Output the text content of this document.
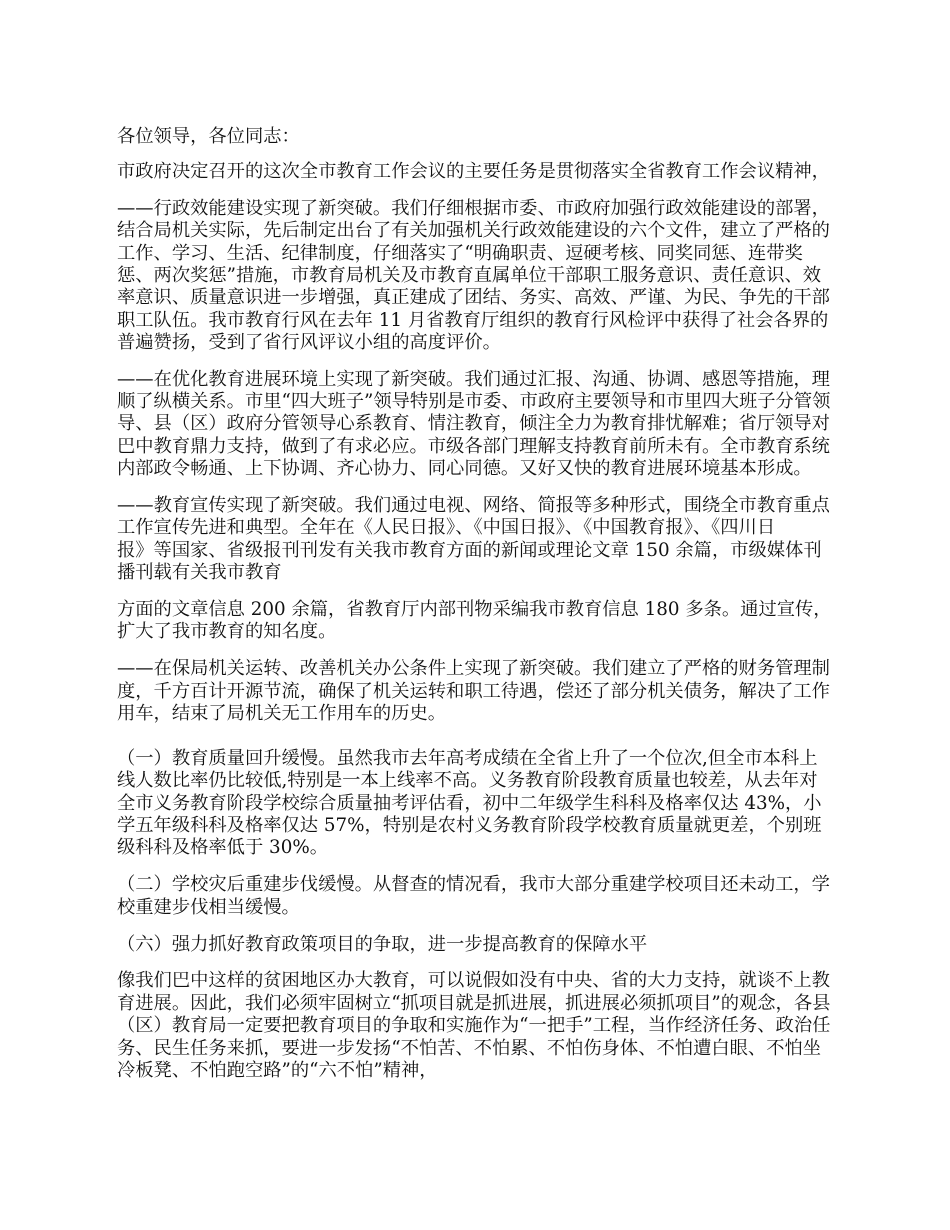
各位领导，各位同志：

市政府决定召开的这次全市教育工作会议的主要任务是贯彻落实全省教育工作会议精神，

——行政效能建设实现了新突破。我们仔细根据市委、市政府加强行政效能建设的部署，
结合局机关实际，先后制定出台了有关加强机关行政效能建设的六个文件，建立了严格的
工作、学习、生活、纪律制度，仔细落实了“明确职责、逗硬考核、同奖同惩、连带奖
惩、两次奖惩”措施，市教育局机关及市教育直属单位干部职工服务意识、责任意识、效
率意识、质量意识进一步增强，真正建成了团结、务实、高效、严谨、为民、争先的干部
职工队伍。我市教育行风在去年 11 月省教育厅组织的教育行风检评中获得了社会各界的
普遍赞扬，受到了省行风评议小组的高度评价。

——在优化教育进展环境上实现了新突破。我们通过汇报、沟通、协调、感恩等措施，理
顺了纵横关系。市里“四大班子”领导特别是市委、市政府主要领导和市里四大班子分管领
导、县（区）政府分管领导心系教育、情注教育，倾注全力为教育排忧解难；省厅领导对
巴中教育鼎力支持，做到了有求必应。市级各部门理解支持教育前所未有。全市教育系统
内部政令畅通、上下协调、齐心协力、同心同德。又好又快的教育进展环境基本形成。

——教育宣传实现了新突破。我们通过电视、网络、简报等多种形式，围绕全市教育重点
工作宣传先进和典型。全年在《人民日报》、《中国日报》、《中国教育报》、《四川日
报》等国家、省级报刊刊发有关我市教育方面的新闻或理论文章 150 余篇，市级媒体刊
播刊载有关我市教育

方面的文章信息 200 余篇，省教育厅内部刊物采编我市教育信息 180 多条。通过宣传，
扩大了我市教育的知名度。

——在保局机关运转、改善机关办公条件上实现了新突破。我们建立了严格的财务管理制
度，千方百计开源节流，确保了机关运转和职工待遇，偿还了部分机关债务，解决了工作
用车，结束了局机关无工作用车的历史。

（一）教育质量回升缓慢。虽然我市去年高考成绩在全省上升了一个位次,但全市本科上
线人数比率仍比较低,特别是一本上线率不高。义务教育阶段教育质量也较差，从去年对
全市义务教育阶段学校综合质量抽考评估看，初中二年级学生科科及格率仅达 43%，小
学五年级科科及格率仅达 57%，特别是农村义务教育阶段学校教育质量就更差，个别班
级科科及格率低于 30%。

（二）学校灾后重建步伐缓慢。从督查的情况看，我市大部分重建学校项目还未动工，学
校重建步伐相当缓慢。

（六）强力抓好教育政策项目的争取，进一步提高教育的保障水平

像我们巴中这样的贫困地区办大教育，可以说假如没有中央、省的大力支持，就谈不上教
育进展。因此，我们必须牢固树立“抓项目就是抓进展，抓进展必须抓项目”的观念，各县
（区）教育局一定要把教育项目的争取和实施作为“一把手”工程，当作经济任务、政治任
务、民生任务来抓，要进一步发扬“不怕苦、不怕累、不怕伤身体、不怕遭白眼、不怕坐
冷板凳、不怕跑空路”的“六不怕”精神，
